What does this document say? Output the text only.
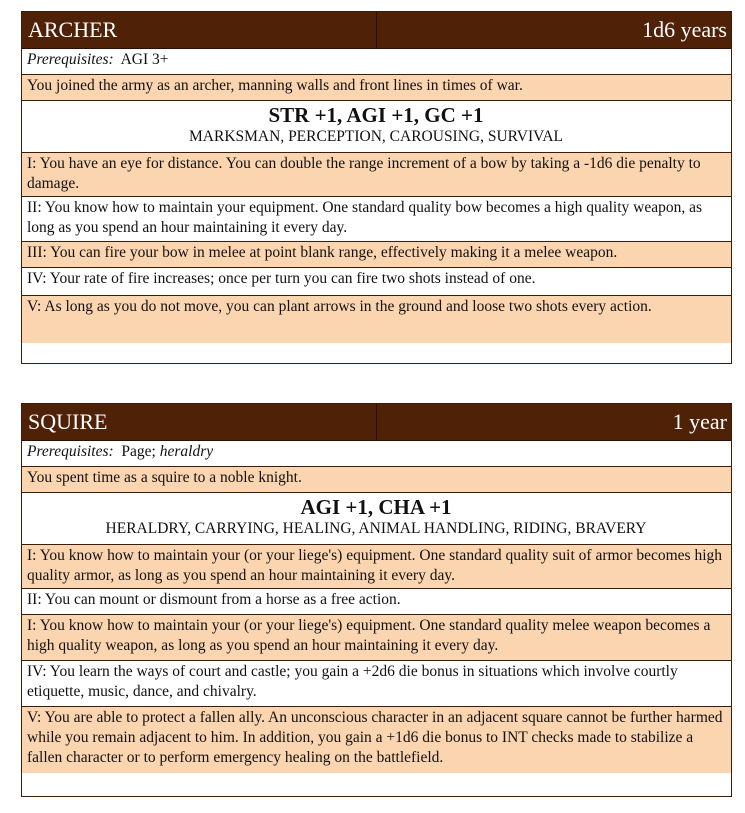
ARCHER	1d6 years
Prerequisites: AGI 3+
You joined the army as an archer, manning walls and front lines in times of war.
STR +1, AGI +1, GC +1
MARKSMAN, PERCEPTION, CAROUSING, SURVIVAL
I: You have an eye for distance. You can double the range increment of a bow by taking a -1d6 die penalty to damage.
II: You know how to maintain your equipment. One standard quality bow becomes a high quality weapon, as long as you spend an hour maintaining it every day.
III: You can fire your bow in melee at point blank range, effectively making it a melee weapon.
IV: Your rate of fire increases; once per turn you can fire two shots instead of one.
V: As long as you do not move, you can plant arrows in the ground and loose two shots every action.
SQUIRE	1 year
Prerequisites: Page; heraldry
You spent time as a squire to a noble knight.
AGI +1, CHA +1
HERALDRY, CARRYING, HEALING, ANIMAL HANDLING, RIDING, BRAVERY
I: You know how to maintain your (or your liege's) equipment. One standard quality suit of armor becomes high quality armor, as long as you spend an hour maintaining it every day.
II: You can mount or dismount from a horse as a free action.
I: You know how to maintain your (or your liege's) equipment. One standard quality melee weapon becomes a high quality weapon, as long as you spend an hour maintaining it every day.
IV: You learn the ways of court and castle; you gain a +2d6 die bonus in situations which involve courtly etiquette, music, dance, and chivalry.
V: You are able to protect a fallen ally. An unconscious character in an adjacent square cannot be further harmed while you remain adjacent to him. In addition, you gain a +1d6 die bonus to INT checks made to stabilize a fallen character or to perform emergency healing on the battlefield.
